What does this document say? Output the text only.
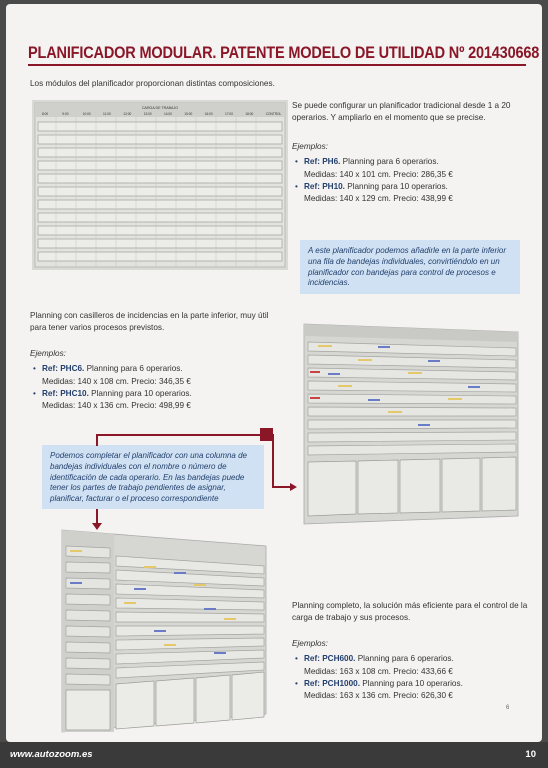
PLANIFICADOR MODULAR. PATENTE MODELO DE UTILIDAD Nº 201430668
Los módulos del planificador proporcionan distintas composiciones.
CARGA DE TRABAJO
8:00	9:00	10:00	11:00	12:00	13:00	14:00	15:00	16:00	17:00	18:00	CONTROL
Se puede configurar un planificador tradicional desde 1 a 20 operarios. Y ampliarlo en el momento que se precise.
Ejemplos:
• Ref: PH6. Planning para 6 operarios.
Medidas: 140 x 101 cm. Precio: 286,35 €
• Ref: PH10. Planning para 10 operarios.
Medidas: 140 x 129 cm. Precio: 438,99 €
A este planificador podemos añadirle en la parte inferior una fila de bandejas individuales, convirtiéndolo en un planificador con bandejas para control de procesos e incidencias.
Planning con casilleros de incidencias en la parte inferior, muy útil para tener varios procesos previstos.
Ejemplos:
• Ref: PHC6. Planning para 6 operarios.
Medidas: 140 x 108 cm. Precio: 346,35 €
• Ref: PHC10. Planning para 10 operarios.
Medidas: 140 x 136 cm. Precio: 498,99 €
Podemos completar el planificador con una columna de bandejas individuales con el nombre o número de identificación de cada operario. En las bandejas puede tener los partes de trabajo pendientes de asignar, planificar, facturar o el proceso correspondiente
Planning completo, la solución más eficiente para el control de la carga de trabajo y sus procesos.
Ejemplos:
• Ref: PCH600. Planning para 6 operarios.
Medidas: 163 x 108 cm. Precio: 433,66 €
• Ref: PCH1000. Planning para 10 operarios.
Medidas: 163 x 136 cm. Precio: 626,30 €
6
www.autozoom.es	10
